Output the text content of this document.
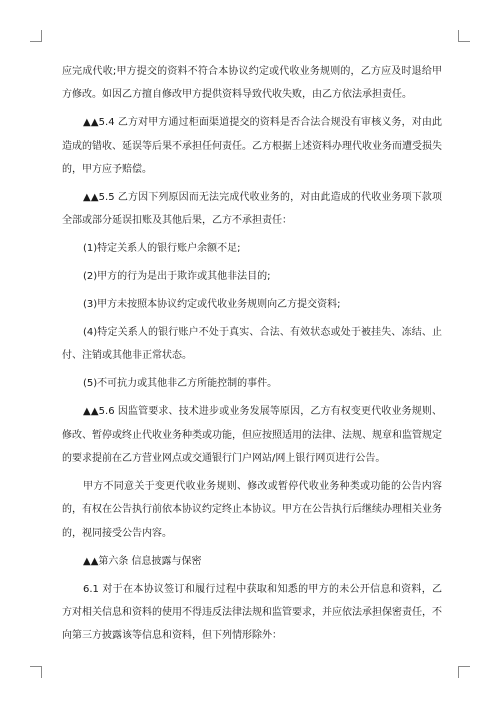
应完成代收;甲方提交的资料不符合本协议约定或代收业务规则的，乙方应及时退给甲方修改。如因乙方擅自修改甲方提供资料导致代收失败，由乙方依法承担责任。

▲▲5.4 乙方对甲方通过柜面渠道提交的资料是否合法合规没有审核义务，对由此造成的错收、延误等后果不承担任何责任。乙方根据上述资料办理代收业务而遭受损失的，甲方应予赔偿。

▲▲5.5 乙方因下列原因而无法完成代收业务的，对由此造成的代收业务项下款项全部或部分延误扣账及其他后果，乙方不承担责任：

(1)特定关系人的银行账户余额不足;

(2)甲方的行为是出于欺诈或其他非法目的;

(3)甲方未按照本协议约定或代收业务规则向乙方提交资料;

(4)特定关系人的银行账户不处于真实、合法、有效状态或处于被挂失、冻结、止付、注销或其他非正常状态。

(5)不可抗力或其他非乙方所能控制的事件。

▲▲5.6 因监管要求、技术进步或业务发展等原因，乙方有权变更代收业务规则、修改、暂停或终止代收业务种类或功能，但应按照适用的法律、法规、规章和监管规定的要求提前在乙方营业网点或交通银行门户网站/网上银行网页进行公告。

甲方不同意关于变更代收业务规则、修改或暂停代收业务种类或功能的公告内容的，有权在公告执行前依本协议约定终止本协议。甲方在公告执行后继续办理相关业务的，视同接受公告内容。

▲▲第六条 信息披露与保密

6.1 对于在本协议签订和履行过程中获取和知悉的甲方的未公开信息和资料，乙方对相关信息和资料的使用不得违反法律法规和监管要求，并应依法承担保密责任，不向第三方披露该等信息和资料，但下列情形除外：
